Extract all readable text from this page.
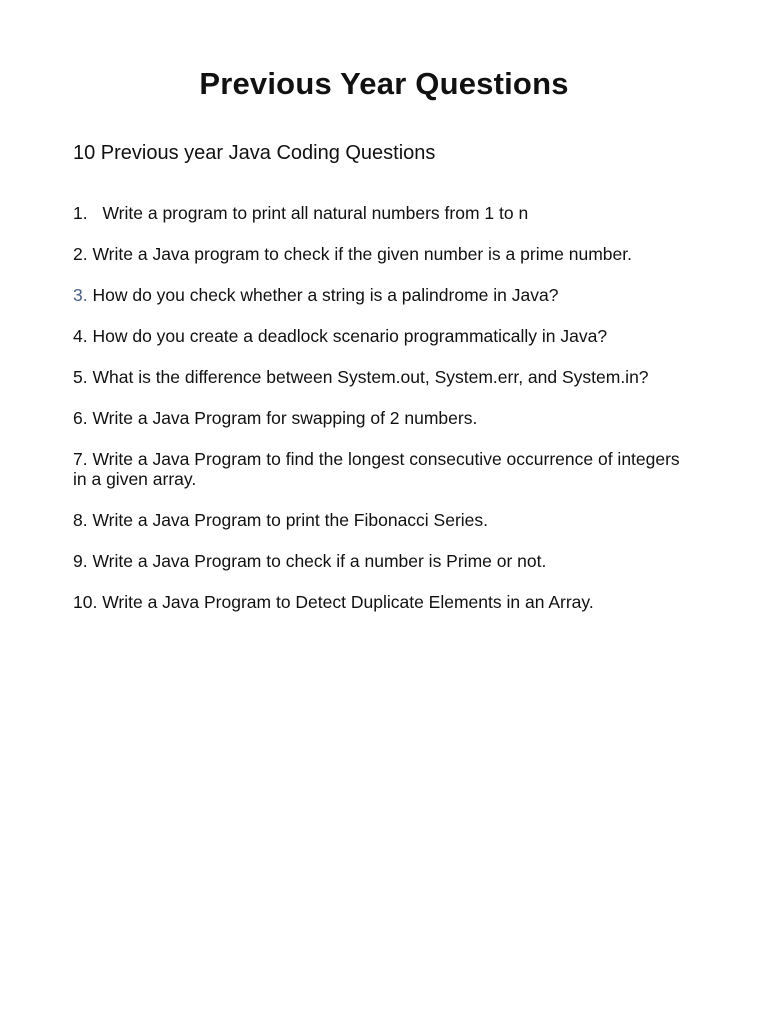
Previous Year Questions
10 Previous year Java Coding Questions
1. Write a program to print all natural numbers from 1 to n
2. Write a Java program to check if the given number is a prime number.
3. How do you check whether a string is a palindrome in Java?
4. How do you create a deadlock scenario programmatically in Java?
5. What is the difference between System.out, System.err, and System.in?
6. Write a Java Program for swapping of 2 numbers.
7. Write a Java Program to find the longest consecutive occurrence of integers in a given array.
8. Write a Java Program to print the Fibonacci Series.
9. Write a Java Program to check if a number is Prime or not.
10. Write a Java Program to Detect Duplicate Elements in an Array.
